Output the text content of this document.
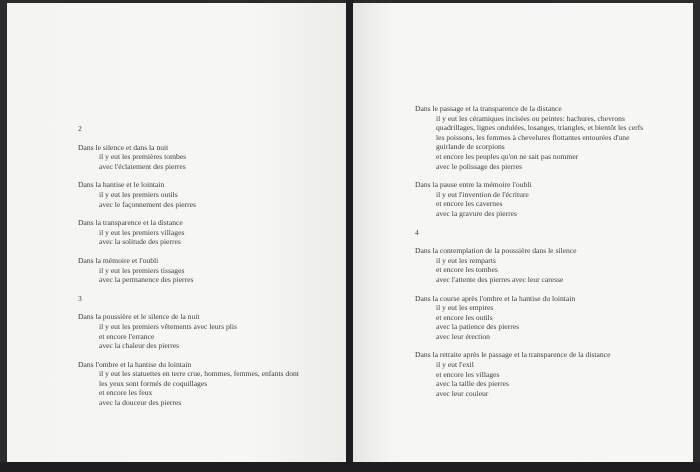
2
Dans le silence et dans la nuit
il y eut les premières tombes
avec l'éclatement des pierres
Dans la hantise et le lointain
il y eut les premiers outils
avec le façonnement des pierres
Dans la transparence et la distance
il y eut les premiers villages
avec la solitude des pierres
Dans la mémoire et l'oubli
il y eut les premiers tissages
avec la permanence des pierres
3
Dans la poussière et le silence de la nuit
il y eut les premiers vêtements avec leurs plis
et encore l'errance
avec la chaleur des pierres
Dans l'ombre et la hantise du lointain
il y eut les statuettes en terre crue, hommes, femmes, enfants dont
les yeux sont formés de coquillages
et encore les feux
avec la douceur des pierres
Dans le passage et la transparence de la distance
il y eut les céramiques incisées ou peintes: hachures, chevrons
quadrillages, lignes ondulées, losanges, triangles, et bientôt les cerfs
les poissons, les femmes à chevelures flottantes entourées d'une
guirlande de scorpions
et encore les peuples qu'on ne sait pas nommer
avec le polissage des pierres
Dans la pause entre la mémoire l'oubli
il y eut l'invention de l'écriture
et encore les cavernes
avec la gravure des pierres
4
Dans la contemplation de la poussière dans le silence
il y eut les remparts
et encore les tombes
avec l'attente des pierres avec leur caresse
Dans la course après l'ombre et la hantise du lointain
il y eut les empires
et encore les outils
avec la patience des pierres
avec leur érection
Dans la retraite après le passage et la transparence de la distance
il y eut l'exil
et encore les villages
avec la taille des pierres
avec leur couleur
